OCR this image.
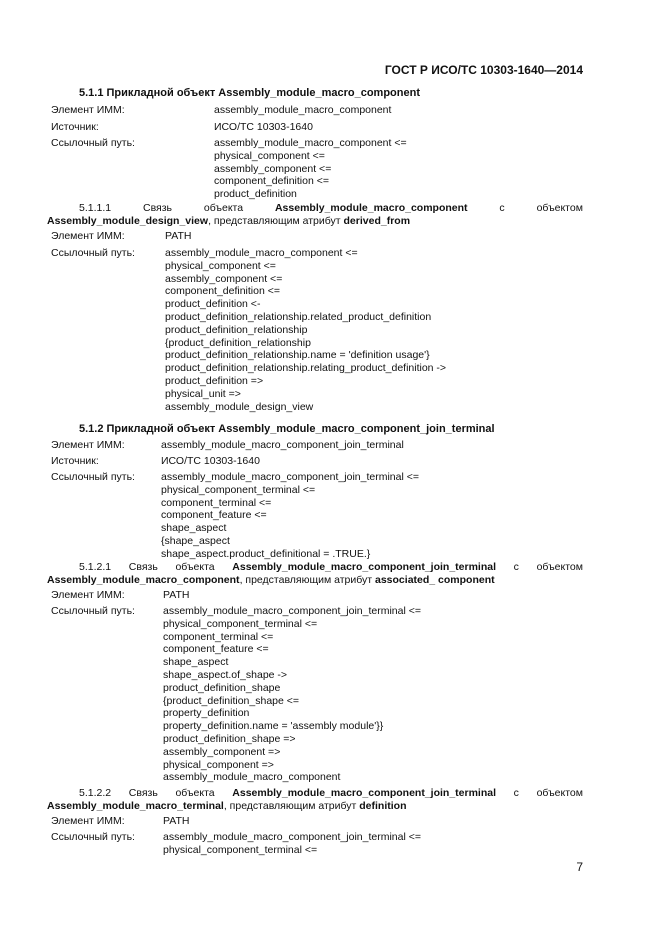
ГОСТ Р ИСО/ТС 10303-1640—2014
5.1.1 Прикладной объект Assembly_module_macro_component
Элемент ИММ:	assembly_module_macro_component
Источник:	ИСО/ТС 10303-1640
Ссылочный путь:	assembly_module_macro_component <=
physical_component <=
assembly_component <=
component_definition <=
product_definition
5.1.1.1	Связь	объекта	Assembly_module_macro_component	с	объектом
Assembly_module_design_view, представляющим атрибут derived_from
Элемент ИММ:	PATH
Ссылочный путь:	assembly_module_macro_component <=
physical_component <=
assembly_component <=
component_definition <=
product_definition <-
product_definition_relationship.related_product_definition
product_definition_relationship
{product_definition_relationship
product_definition_relationship.name = 'definition usage'}
product_definition_relationship.relating_product_definition ->
product_definition =>
physical_unit =>
assembly_module_design_view
5.1.2 Прикладной объект Assembly_module_macro_component_join_terminal
Элемент ИММ:	assembly_module_macro_component_join_terminal
Источник:	ИСО/ТС 10303-1640
Ссылочный путь: assembly_module_macro_component_join_terminal <=
physical_component_terminal <=
component_terminal <=
component_feature <=
shape_aspect
{shape_aspect
shape_aspect.product_definitional = .TRUE.}
5.1.2.1 Связь объекта Assembly_module_macro_component_join_terminal с объектом
Assembly_module_macro_component, представляющим атрибут associated_ component
Элемент ИММ:	PATH
Ссылочный путь:	assembly_module_macro_component_join_terminal <=
physical_component_terminal <=
component_terminal <=
component_feature <=
shape_aspect
shape_aspect.of_shape ->
product_definition_shape
{product_definition_shape <=
property_definition
property_definition.name = 'assembly module'}}
product_definition_shape =>
assembly_component =>
physical_component =>
assembly_module_macro_component
5.1.2.2 Связь объекта Assembly_module_macro_component_join_terminal с объектом
Assembly_module_macro_terminal, представляющим атрибут definition
Элемент ИММ:	PATH
Ссылочный путь:	assembly_module_macro_component_join_terminal <=
physical_component_terminal <=
7
